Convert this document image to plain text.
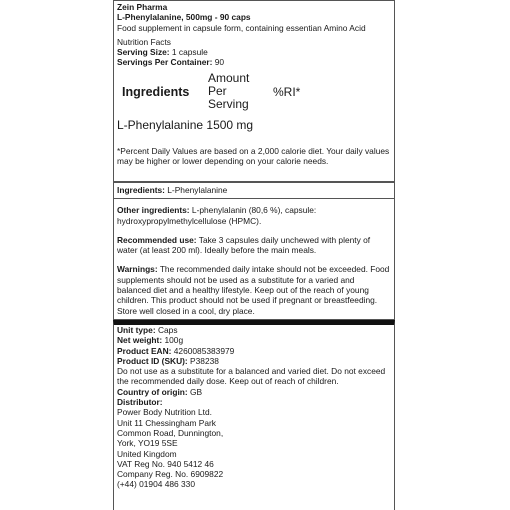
Zein Pharma
L-Phenylalanine, 500mg - 90 caps
Food supplement in capsule form, containing essentian Amino Acid
Nutrition Facts
Serving Size: 1 capsule
Servings Per Container: 90
Ingredients
Amount
Per
Serving
%RI*
L-Phenylalanine 1500 mg
*Percent Daily Values are based on a 2,000 calorie diet. Your daily values may be higher or lower depending on your calorie needs.
Ingredients: L-Phenylalanine
Other ingredients: L-phenylalanin (80,6 %), capsule: hydroxypropylmethylcellulose (HPMC).
Recommended use: Take 3 capsules daily unchewed with plenty of water (at least 200 ml). Ideally before the main meals.
Warnings: The recommended daily intake should not be exceeded. Food supplements should not be used as a substitute for a varied and balanced diet and a healthy lifestyle. Keep out of the reach of young children. This product should not be used if pregnant or breastfeeding. Store well closed in a cool, dry place.
Unit type: Caps
Net weight: 100g
Product EAN: 4260085383979
Product ID (SKU): P38238
Do not use as a substitute for a balanced and varied diet. Do not exceed the recommended daily dose. Keep out of reach of children.
Country of origin: GB
Distributor:
Power Body Nutrition Ltd.
Unit 11 Chessingham Park
Common Road, Dunnington,
York, YO19 5SE
United Kingdom
VAT Reg No. 940 5412 46
Company Reg. No. 6909822
(+44) 01904 486 330
